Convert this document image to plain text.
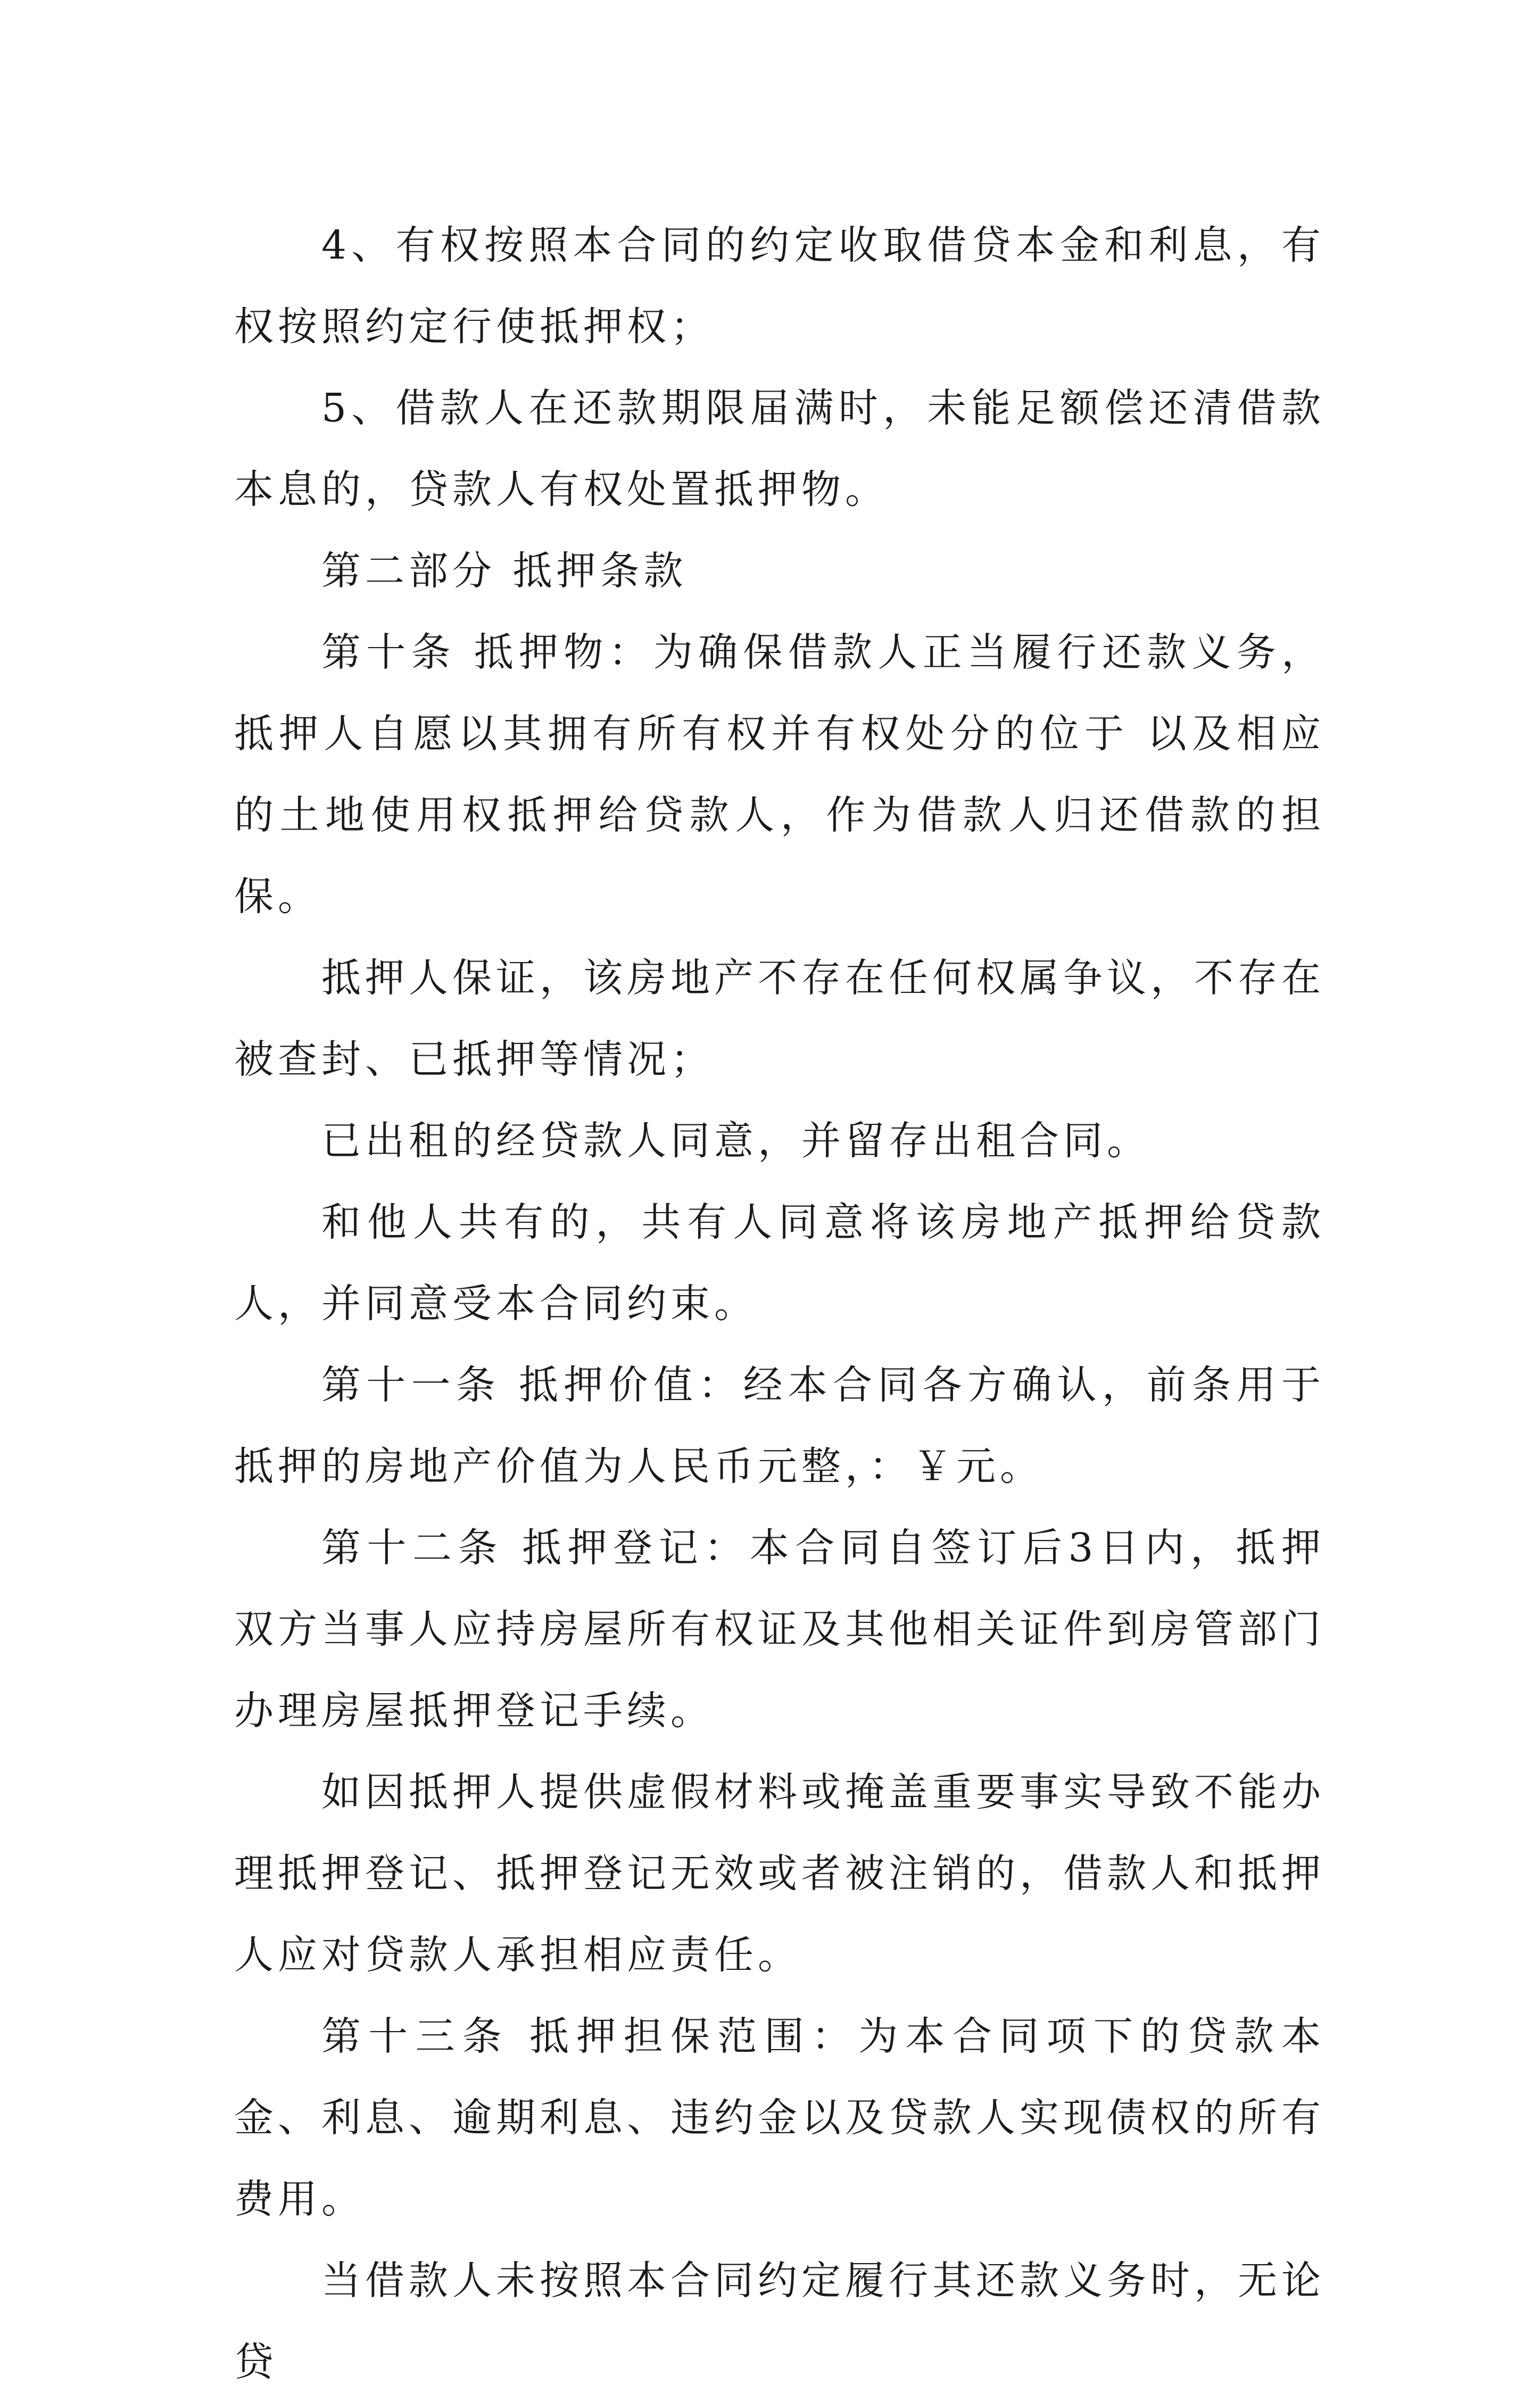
4、有权按照本合同的约定收取借贷本金和利息，有权按照约定行使抵押权；

5、借款人在还款期限届满时，未能足额偿还清借款本息的，贷款人有权处置抵押物。

第二部分 抵押条款

第十条 抵押物：为确保借款人正当履行还款义务，抵押人自愿以其拥有所有权并有权处分的位于 以及相应的土地使用权抵押给贷款人，作为借款人归还借款的担保。

抵押人保证，该房地产不存在任何权属争议，不存在被查封、已抵押等情况；

已出租的经贷款人同意，并留存出租合同。

和他人共有的，共有人同意将该房地产抵押给贷款人，并同意受本合同约束。

第十一条 抵押价值：经本合同各方确认，前条用于抵押的房地产价值为人民币元整，：￥元。

第十二条 抵押登记：本合同自签订后3日内，抵押双方当事人应持房屋所有权证及其他相关证件到房管部门办理房屋抵押登记手续。

如因抵押人提供虚假材料或掩盖重要事实导致不能办理抵押登记、抵押登记无效或者被注销的，借款人和抵押人应对贷款人承担相应责任。

第十三条 抵押担保范围：为本合同项下的贷款本金、利息、逾期利息、违约金以及贷款人实现债权的所有费用。

当借款人未按照本合同约定履行其还款义务时，无论贷
